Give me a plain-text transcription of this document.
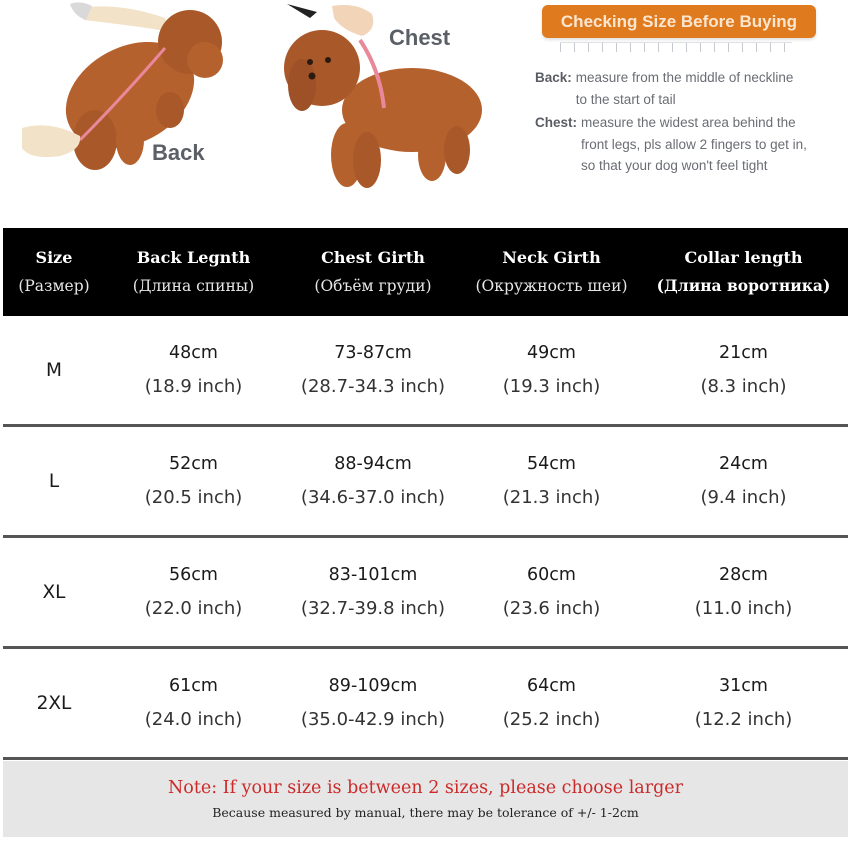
Back
Chest
Checking Size Before Buying
Back: measure from the middle of neckline
to the start of tail
Chest: measure the widest area behind the
front legs, pls allow 2 fingers to get in,
so that your dog won't feel tight
Size
(Размер)
Back Legnth
(Длина спины)
Chest Girth
(Объём груди)
Neck Girth
(Окружность шеи)
Collar length
(Длина воротника)
M
48cm
(18.9 inch)
73-87cm
(28.7-34.3 inch)
49cm
(19.3 inch)
21cm
(8.3 inch)
L
52cm
(20.5 inch)
88-94cm
(34.6-37.0 inch)
54cm
(21.3 inch)
24cm
(9.4 inch)
XL
56cm
(22.0 inch)
83-101cm
(32.7-39.8 inch)
60cm
(23.6 inch)
28cm
(11.0 inch)
2XL
61cm
(24.0 inch)
89-109cm
(35.0-42.9 inch)
64cm
(25.2 inch)
31cm
(12.2 inch)
Note: If your size is between 2 sizes, please choose larger
Because measured by manual, there may be tolerance of +/- 1-2cm
